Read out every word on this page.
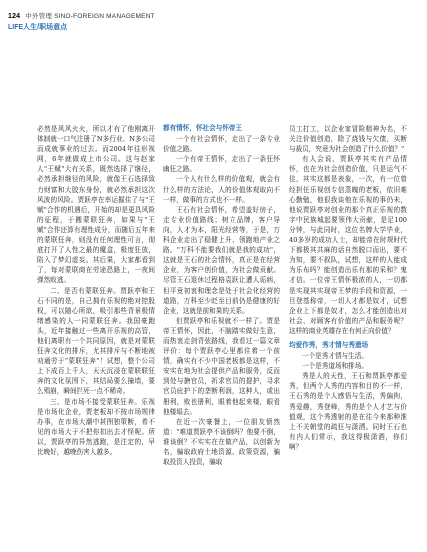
124 中外管理 SINO-FOREIGN MANAGEMENT
LIFE人生/职场意点

必然是风风火火，所以才有了他刚离开体制就一口气注册了N多行业、N多公司而成就事业的过去。而2004年往形视网，6年就做成上市公司。这与赵家人"王赋"大有关系，既然选择了继径，必然承担继径的风险，就像王石选择致力财富和大胶东身份，就必然承担这次风波的风险。贾跃亭在率运掘住了与"王赋"合作的机遇后，开始的却是更具风险的征程，于搬蒙联狂奔，如果与"王赋"合作还算有理性成分，而随后五年来的蒙联狂奔，则没有任何理性可言，彻底打开了人性之最的魔盒，极度狂放，陷入了梦幻虚妄。其后果，大家都看到了，每对蒙联商在劳途恐路上，一夜间弹然败逃。

二、是否有蒙联狂奔。贾跃亭和王石不同的是，自己拥有乐视的绝对控股权，可以随心所欲，吸引那些背景极情绪感染的人一同蒙联狂奔。我国豪跑头，近年接触过一些离开乐视的高管，他们离职有一个共同原因，就是对蒙联狂奔文化的排斥，尤其排斥与不断地被劝通劳于“蒙联狂奔”！试想，整个公司上下成百上千人，天天沉浸在蒙联联狂奔的文化氛围下，其结局要么撞墙，要么殒崩，瞬间拦死一点不稀奇。

三、是市场不接受蒙联狂奔。乐视是市场化企业，贾老板却不按市场规律办事，在市场大潮中甚图独策断，希不见的市场大于不把你扣出去才怪呢。所以，贾跃亭的异然逃跑，是注定的，早比晚好，越晚伤害人越多。

都有情怀，怀社会与怀帝王

一个有社会情怀，走出了一条专业价值之路。

一个有帝王情怀，走出了一条狂怀幽狂之路。

一个人有什么样的价值观，就会有什么样的方法论，人的价值体观取向不一样，做事的方式也不一样。

王石有社会情怀，希望盖好房子，走专业价值路线；树立品牌，客户导向，人才为本，阳光经营等，于是，万科企业走出了稳健上升、领跑地产业之路。"万科不能要我们就是我的成功"，这就是王石的社会情怀，真正是在经营企业，为客户创价值，为社会做贡献。尽管王石退休过程格袁跃让遭人诟病，但平竟初衷和理念是处于社会化经营的道路，万科至少眨至目前仍是健康的好企业，这就是前和果的关系。

但贾跃亭和乐视就不一样了。贾是帝王情怀，因此，不脑踏实做好生意，而热衷走剑背弦路线，我看过一篇文章评价：每个贾跃亭心里都住着一个前情，确实有不少中国老板都是这样，不安实在地为社会提供产品和服务，反而到处与搪官员，祈求官员的提护，寻求官员庇护下的垄断利润，这种人，或出册利，败也册利，眼着他起来楼，眼看他楼塌去。

在近一次豪餐上，一位朋友愤然道："难道贾跃亭不该倒吗？他要不倒，谁该倒？不实实在在做产品，以创新为名，骗取政府土地资源、政策资源，骗取投资人投资，骗取

员工打工，以企业家冒险精神为名，不关注价值创造，除了烧钱与欠债，买断与裁员，究竟为社会创造了什么价值？"

有人会说，贾跃亭其实有产品情怀，也在为社会创造价值，只是运气不佳，其实这都是表象，一次，有一位曾经担任乐视创专信蒸魄的老板，依旧难心勤勉，他很我谈他在乐视的事仍未，他说贾跃亭对创业的那个真正乐视的数字中民族城起要领伟大贡献，是足100分钟，与此同时，这位名牌大学毕业，40多岁的成功人士，却能帝在时规时代下都极其共麻的话自然脱口而出，要不为知，要不叙队，试想，这样的人能成为乐布吗？能创造出乐有那的采和？鬼才信。一位帝王情怀极浓的人，一切都是实现其实现帝王梦的手段和资源，一旦登基称帝，一切人才都是奴才，试想企业上下都是奴才，怎么才能创造出对社会、对顾客有价值的产品和服务呢？这样的商业英雄存在有何正向价值？

均爱作秀，秀才情与秀遗场

一个是秀才情与生活。

一个是秀道场和排场。

秀是人的天性，王石和贾跃亭都爱秀，但两个人秀的内容和目的不一样，王石秀的是个人感悟与生活，秀偏拘，秀爱趣，秀登峰，秀的是个人才艺与价值观，这个秀透射的是在往今来那种淮上不关朝堂的疏狂与潇洒。同时王石也有内人们常示，我这得极潇洒，你们啊？
